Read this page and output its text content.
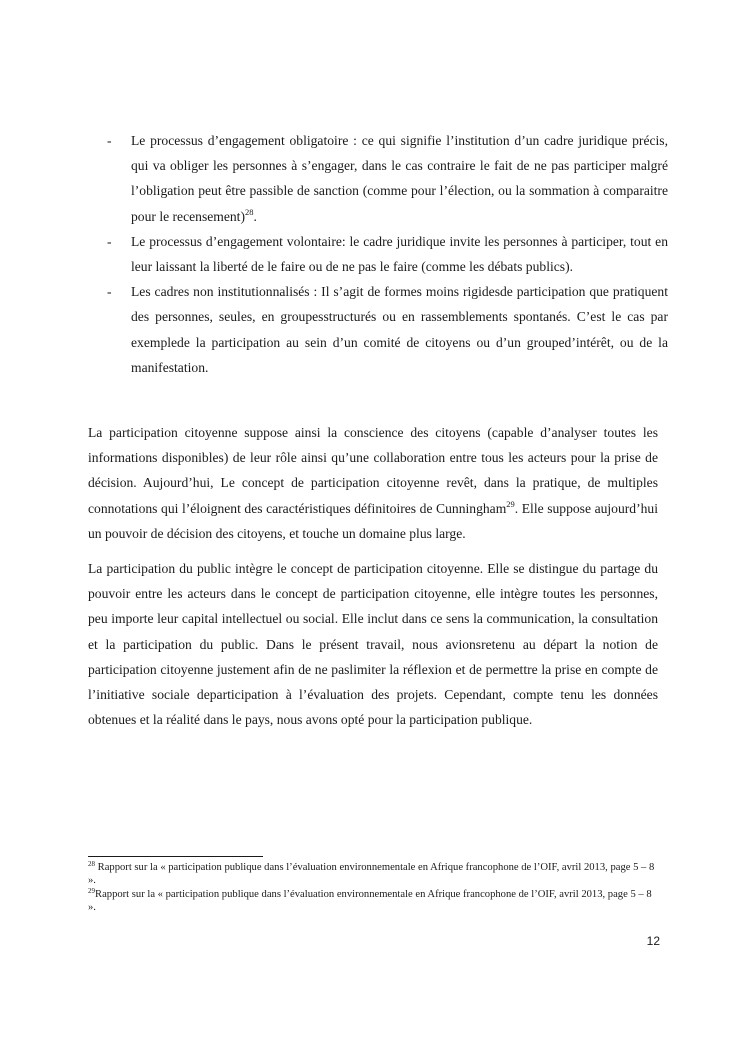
- Le processus d’engagement obligatoire : ce qui signifie l’institution d’un cadre juridique précis, qui va obliger les personnes à s’engager, dans le cas contraire le fait de ne pas participer malgré l’obligation peut être passible de sanction (comme pour l’élection, ou la sommation à comparaitre pour le recensement)$^{28}$.
- Le processus d’engagement volontaire: le cadre juridique invite les personnes à participer, tout en leur laissant la liberté de le faire ou de ne pas le faire (comme les débats publics).
- Les cadres non institutionnalisés : Il s’agit de formes moins rigidesde participation que pratiquent des personnes, seules, en groupesstructurés ou en rassemblements spontanés. C’est le cas par exemplede la participation au sein d’un comité de citoyens ou d’un grouped’intérêt, ou de la manifestation.

La participation citoyenne suppose ainsi la conscience des citoyens (capable d’analyser toutes les informations disponibles) de leur rôle ainsi qu’une collaboration entre tous les acteurs pour la prise de décision. Aujourd’hui, Le concept de participation citoyenne revêt, dans la pratique, de multiples connotations qui l’éloignent des caractéristiques définitoires de Cunningham$^{29}$. Elle suppose aujourd’hui un pouvoir de décision des citoyens, et touche un domaine plus large.

La participation du public intègre le concept de participation citoyenne. Elle se distingue du partage du pouvoir entre les acteurs dans le concept de participation citoyenne, elle intègre toutes les personnes, peu importe leur capital intellectuel ou social. Elle inclut dans ce sens la communication, la consultation et la participation du public. Dans le présent travail, nous avionsretenu au départ la notion de participation citoyenne justement afin de ne paslimiter la réflexion et de permettre la prise en compte de l’initiative sociale departicipation à l’évaluation des projets. Cependant, compte tenu les données obtenues et la réalité dans le pays, nous avons opté pour la participation publique.

$^{28}$ Rapport sur la « participation publique dans l’évaluation environnementale en Afrique francophone de l’OIF, avril 2013, page 5 – 8 ».

$^{29}$Rapport sur la « participation publique dans l’évaluation environnementale en Afrique francophone de l’OIF, avril 2013, page 5 – 8 ».

12
